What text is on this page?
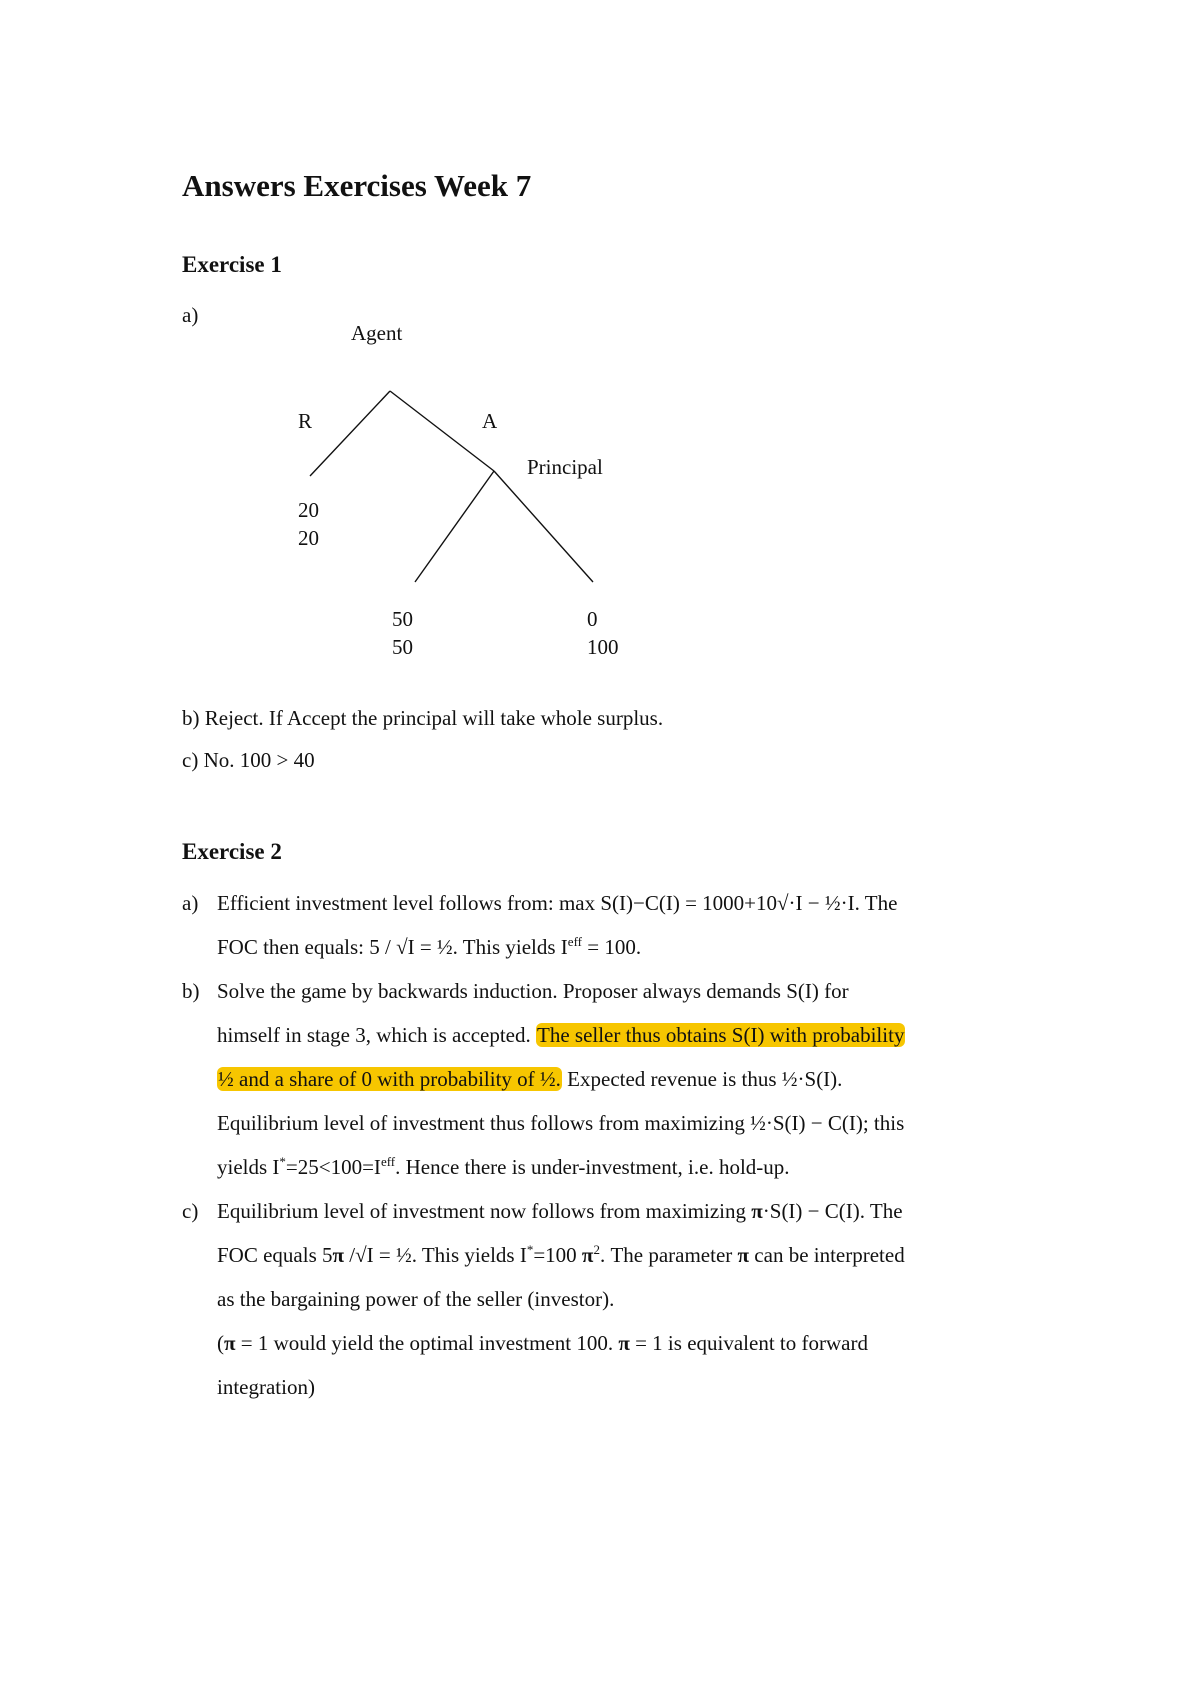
Answers Exercises Week 7
Exercise 1
a)
Agent
R	A
Principal
20
20
50
50
0
100
b) Reject. If Accept the principal will take whole surplus.
c) No. 100 > 40
Exercise 2
a) Efficient investment level follows from: max S(I)−C(I) = 1000+10√·I − ½·I. The
FOC then equals: 5 / √I = ½. This yields $I^{eff} = 100$.
b) Solve the game by backwards induction. Proposer always demands S(I) for
himself in stage 3, which is accepted. The seller thus obtains S(I) with probability
½ and a share of 0 with probability of ½. Expected revenue is thus ½·S(I).
Equilibrium level of investment thus follows from maximizing ½·S(I) − C(I); this
yields $I^*=25<100=I^{eff}$. Hence there is under-investment, i.e. hold-up.
c) Equilibrium level of investment now follows from maximizing π·S(I) − C(I). The
FOC equals 5π /√I = ½. This yields I*=100 $\pi^2$. The parameter π can be interpreted
as the bargaining power of the seller (investor).
(π = 1 would yield the optimal investment 100. π = 1 is equivalent to forward
integration)
